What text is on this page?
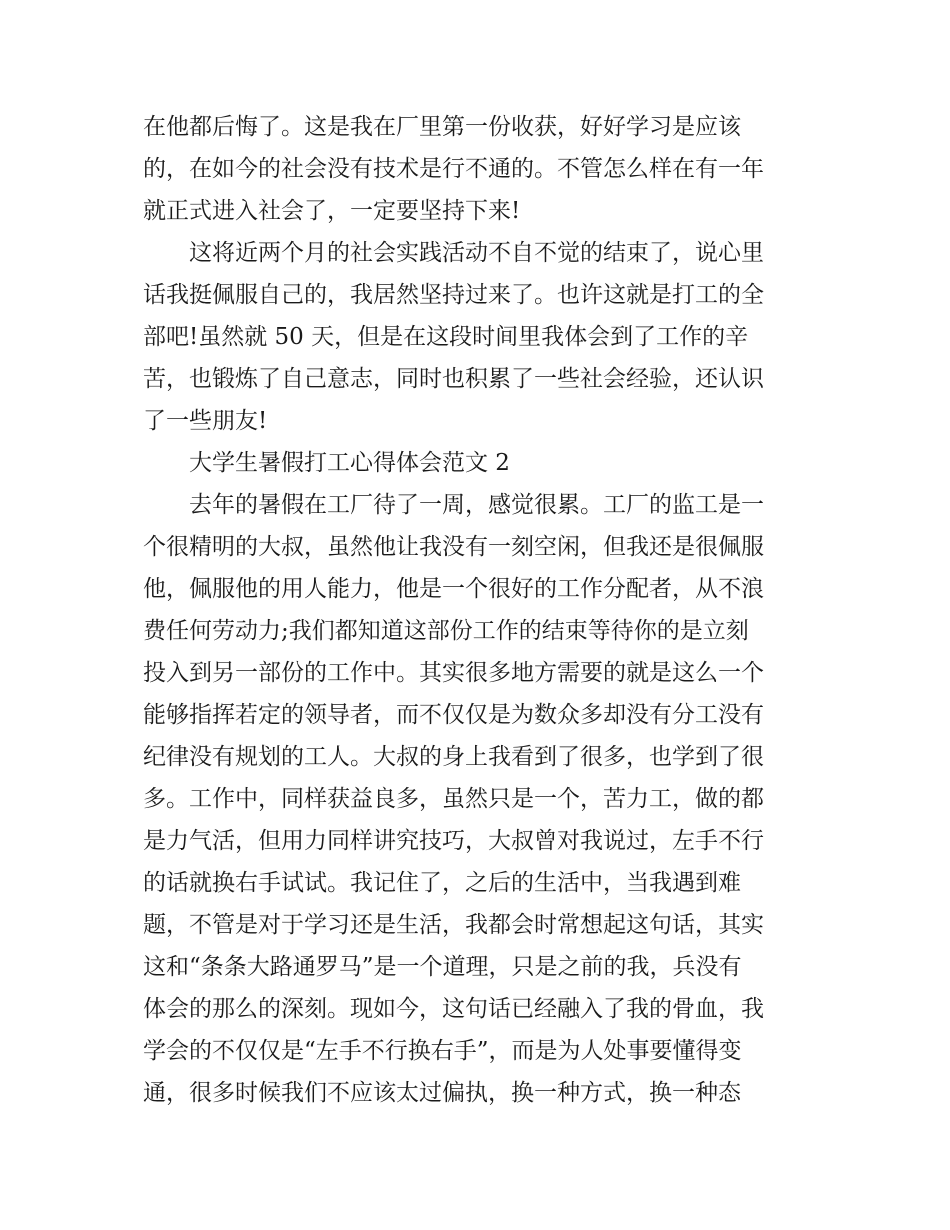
在他都后悔了。这是我在厂里第一份收获，好好学习是应该
的，在如今的社会没有技术是行不通的。不管怎么样在有一年
就正式进入社会了，一定要坚持下来!
这将近两个月的社会实践活动不自不觉的结束了，说心里
话我挺佩服自己的，我居然坚持过来了。也许这就是打工的全
部吧!虽然就 50 天，但是在这段时间里我体会到了工作的辛
苦，也锻炼了自己意志，同时也积累了一些社会经验，还认识
了一些朋友!
大学生暑假打工心得体会范文 2
去年的暑假在工厂待了一周，感觉很累。工厂的监工是一
个很精明的大叔，虽然他让我没有一刻空闲，但我还是很佩服
他，佩服他的用人能力，他是一个很好的工作分配者，从不浪
费任何劳动力;我们都知道这部份工作的结束等待你的是立刻
投入到另一部份的工作中。其实很多地方需要的就是这么一个
能够指挥若定的领导者，而不仅仅是为数众多却没有分工没有
纪律没有规划的工人。大叔的身上我看到了很多，也学到了很
多。工作中，同样获益良多，虽然只是一个，苦力工，做的都
是力气活，但用力同样讲究技巧，大叔曾对我说过，左手不行
的话就换右手试试。我记住了，之后的生活中，当我遇到难
题，不管是对于学习还是生活，我都会时常想起这句话，其实
这和“条条大路通罗马”是一个道理，只是之前的我，兵没有
体会的那么的深刻。现如今，这句话已经融入了我的骨血，我
学会的不仅仅是“左手不行换右手”，而是为人处事要懂得变
通，很多时候我们不应该太过偏执，换一种方式，换一种态
